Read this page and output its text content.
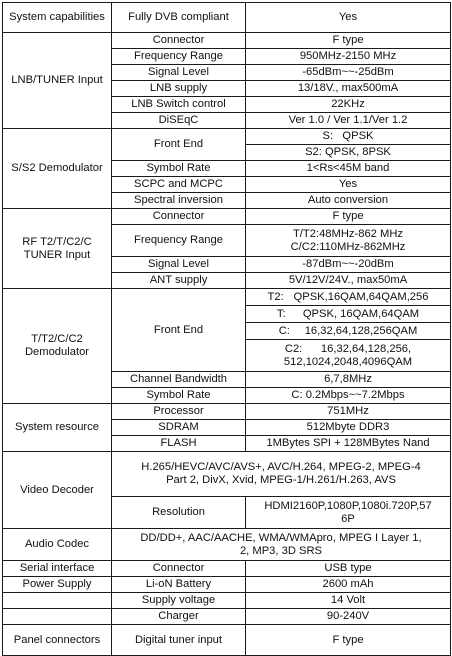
System capabilities	Fully DVB compliant	Yes
LNB/TUNER Input	Connector	F type
	Frequency Range	950MHz-2150 MHz
	Signal Level	-65dBm~~-25dBm
	LNB supply	13/18V., max500mA
	LNB Switch control	22KHz
	DiSEqC	Ver 1.0 / Ver 1.1/Ver 1.2
S/S2 Demodulator	Front End	S: QPSK
		S2: QPSK, 8PSK
	Symbol Rate	1<Rs<45M band
	SCPC and MCPC	Yes
	Spectral inversion	Auto conversion
RF T2/T/C2/C TUNER Input	Connector	F type
	Frequency Range	T/T2:48MHz-862 MHz
C/C2:110MHz-862MHz

	Signal Level	-87dBm~~-20dBm
	ANT supply	5V/12V/24V., max50mA
T/T2/C/C2 Demodulator	Front End	T2: QPSK,16QAM,64QAM,256

		T: QPSK, 16QAM,64QAM

		C: 16,32,64,128,256QAM

		C2:      16,32,64,128,256,
512,1024,2048,4096QAM

	Channel Bandwidth	6,7,8MHz
	Symbol Rate	C: 0.2Mbps~~7.2Mbps
System resource	Processor	751MHz
	SDRAM	512Mbyte DDR3
	FLASH	1MBytes SPI + 128MBytes Nand
Video Decoder	H.265/HEVC/AVC/AVS+, AVC/H.264, MPEG-2, MPEG-4
Part 2, DivX, Xvid, MPEG-1/H.261/H.263, AVS	

	Resolution	HDMI2160P,1080P,1080i.720P,57
6P

Audio Codec	DD/DD+, AAC/AACHE, WMA/WMApro, MPEG I Layer 1,
2, MP3, 3D SRS	

Serial interface	Connector	USB type
Power Supply	Li-oN Battery	2600 mAh
	Supply voltage	14 Volt
	Charger	90-240V
Panel connectors	Digital tuner input	F type
